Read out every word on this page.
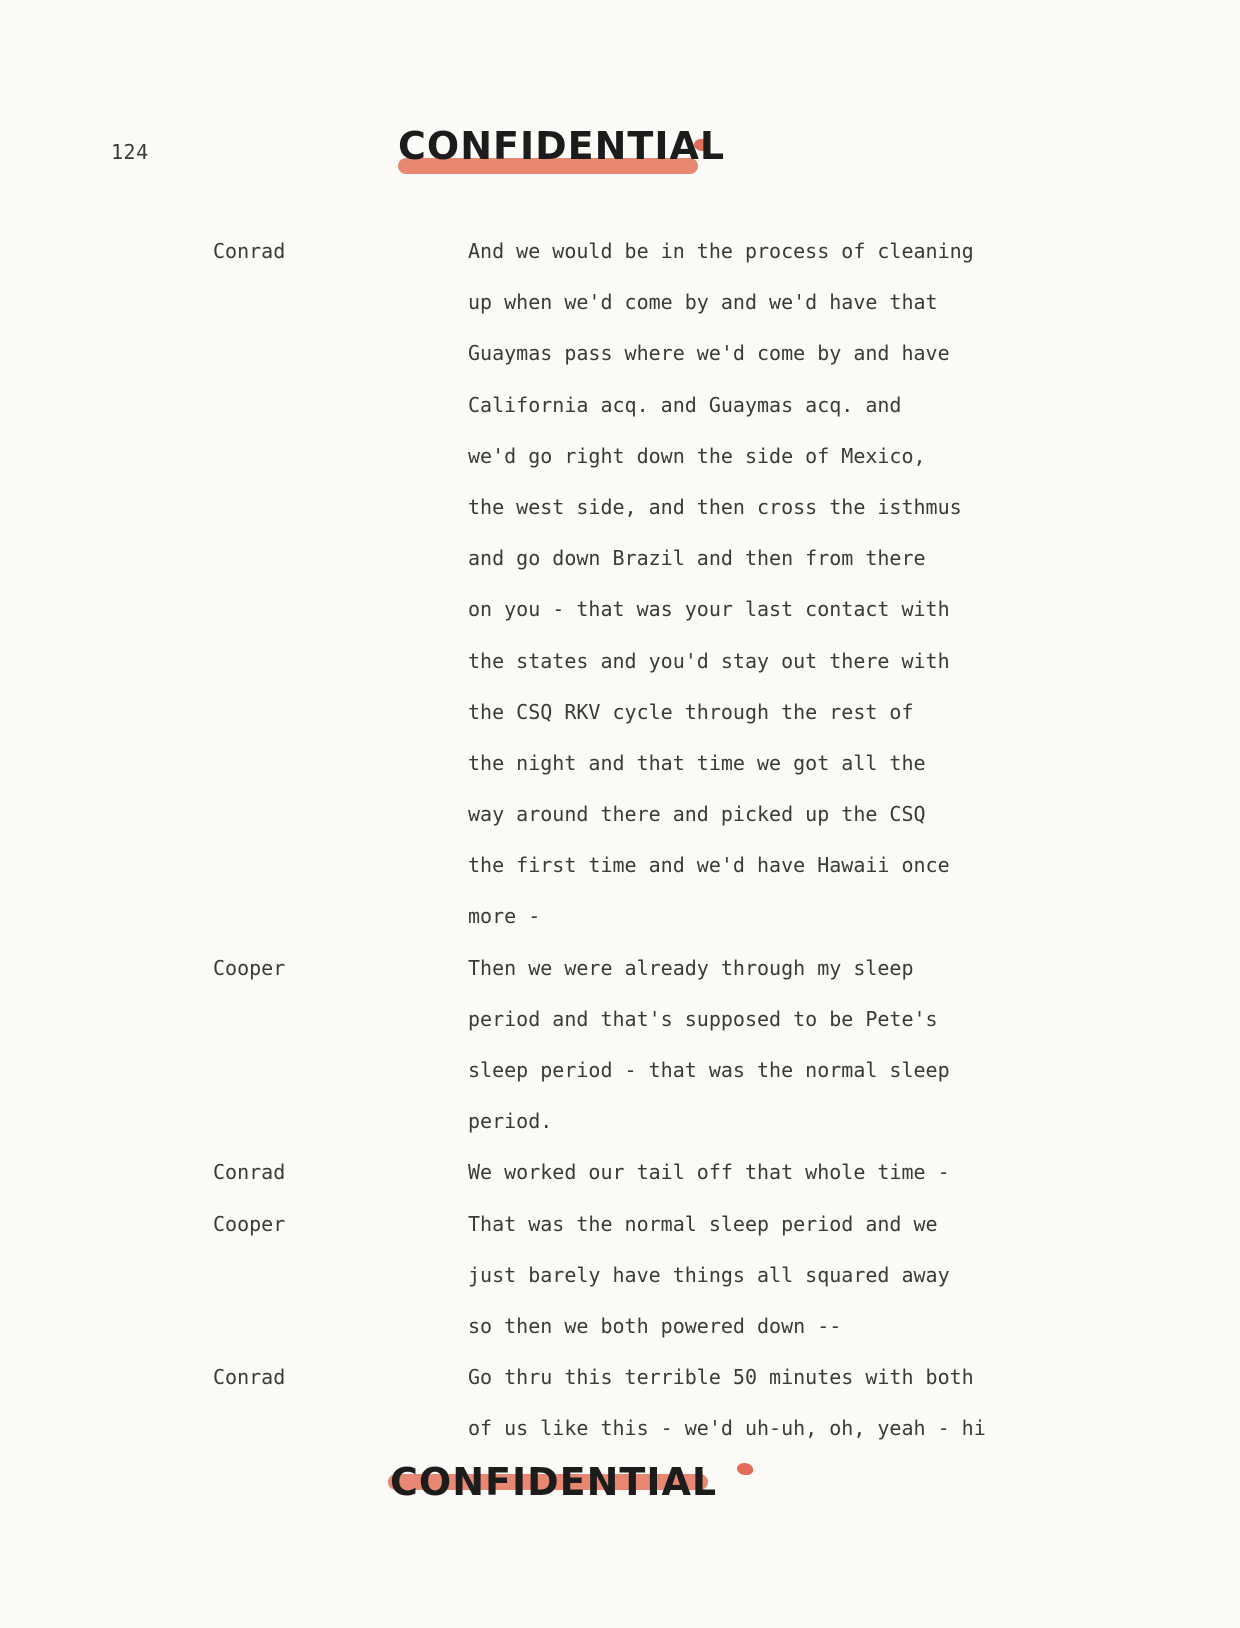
124	CONFIDENTIAL
Conrad	And we would be in the process of cleaning
up when we'd come by and we'd have that
Guaymas pass where we'd come by and have
California acq. and Guaymas acq. and
we'd go right down the side of Mexico,
the west side, and then cross the isthmus
and go down Brazil and then from there
on you - that was your last contact with
the states and you'd stay out there with
the CSQ RKV cycle through the rest of
the night and that time we got all the
way around there and picked up the CSQ
the first time and we'd have Hawaii once
more -
Cooper	Then we were already through my sleep
period and that's supposed to be Pete's
sleep period - that was the normal sleep
period.
Conrad	We worked our tail off that whole time -
Cooper	That was the normal sleep period and we
just barely have things all squared away
so then we both powered down --
Conrad	Go thru this terrible 50 minutes with both
of us like this - we'd uh-uh, oh, yeah - hi
CONFIDENTIAL
